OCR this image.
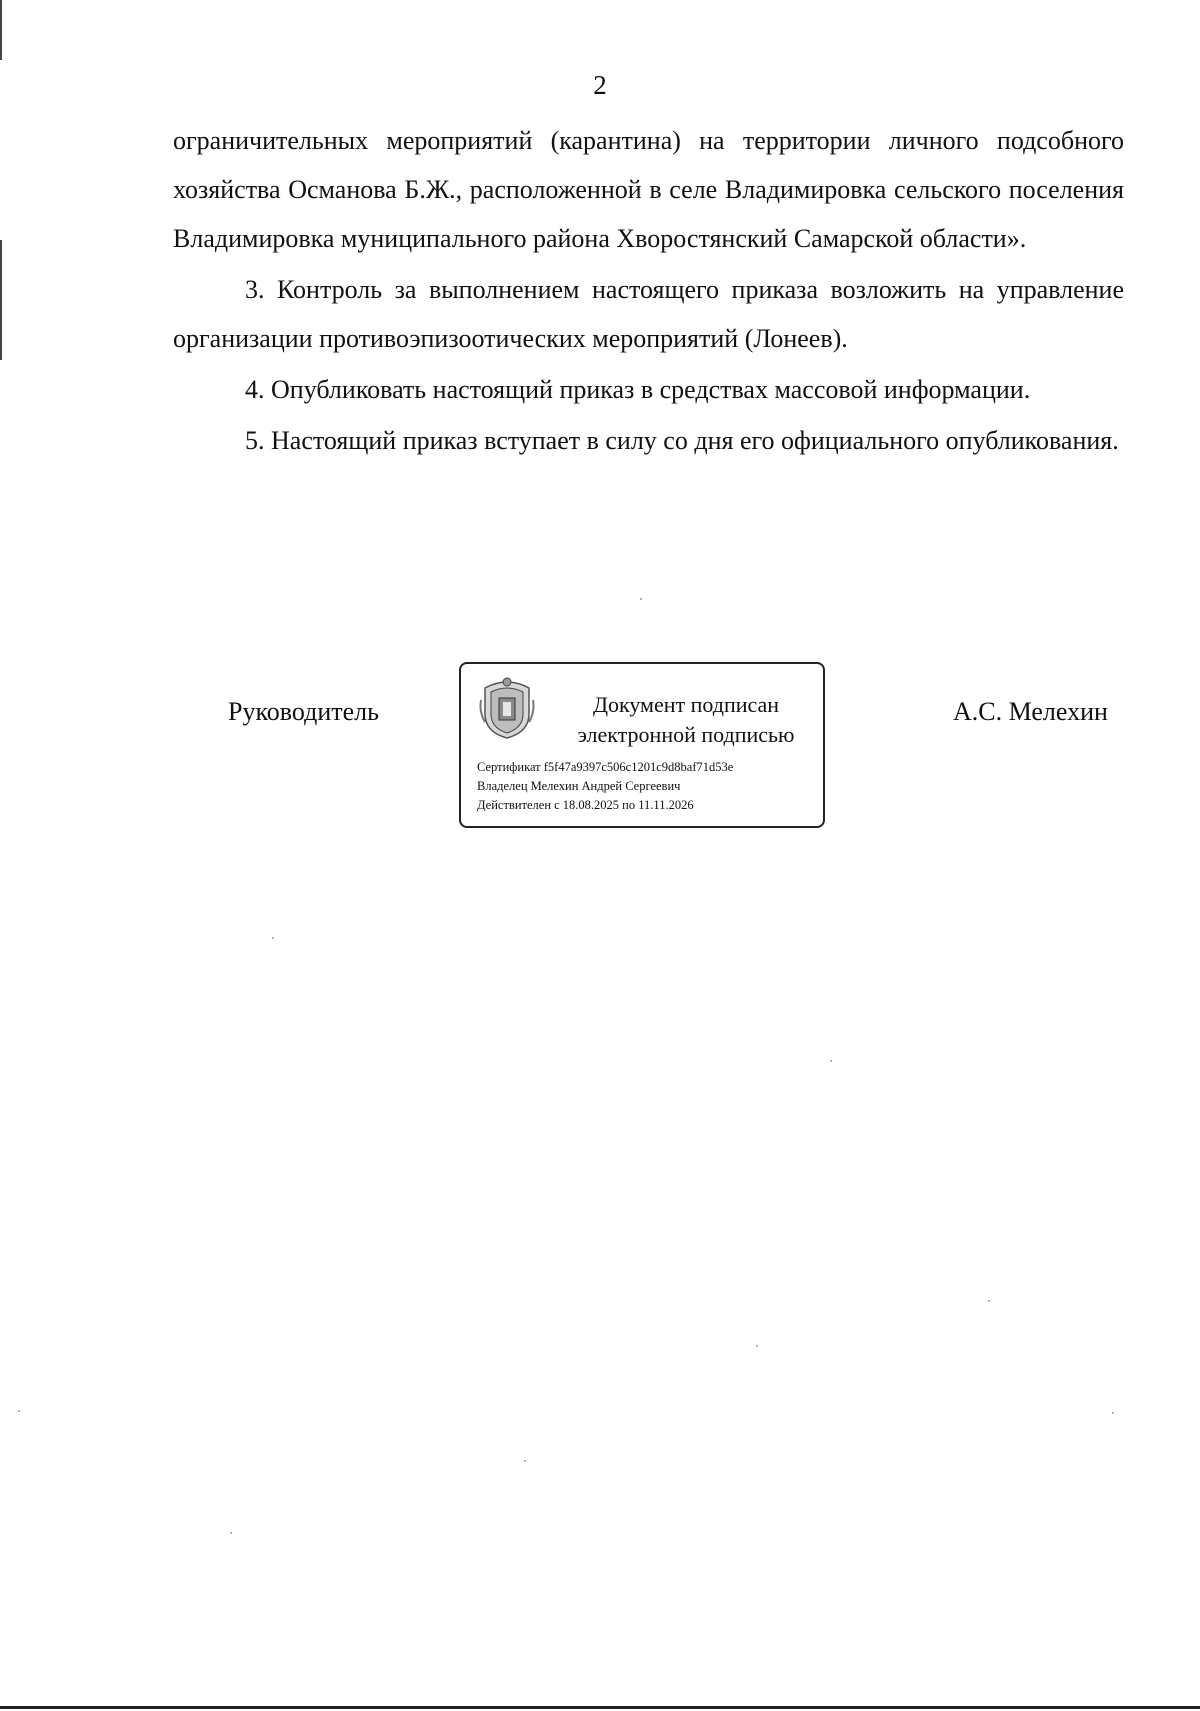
2

ограничительных мероприятий (карантина) на территории личного подсобного хозяйства Османова Б.Ж., расположенной в селе Владимировка сельского поселения Владимировка муниципального района Хворостянский Самарской области».

3. Контроль за выполнением настоящего приказа возложить на управление организации противоэпизоотических мероприятий (Лонеев).

4. Опубликовать настоящий приказ в средствах массовой информации.

5. Настоящий приказ вступает в силу со дня его официального опубликования.

Руководитель	Документ подписан
электронной подписью
Сертификат f5f47a9397c506c1201c9d8baf71d53e
Владелец Мелехин Андрей Сергеевич
Действителен с 18.08.2025 по 11.11.2026
А.С. Мелехин
